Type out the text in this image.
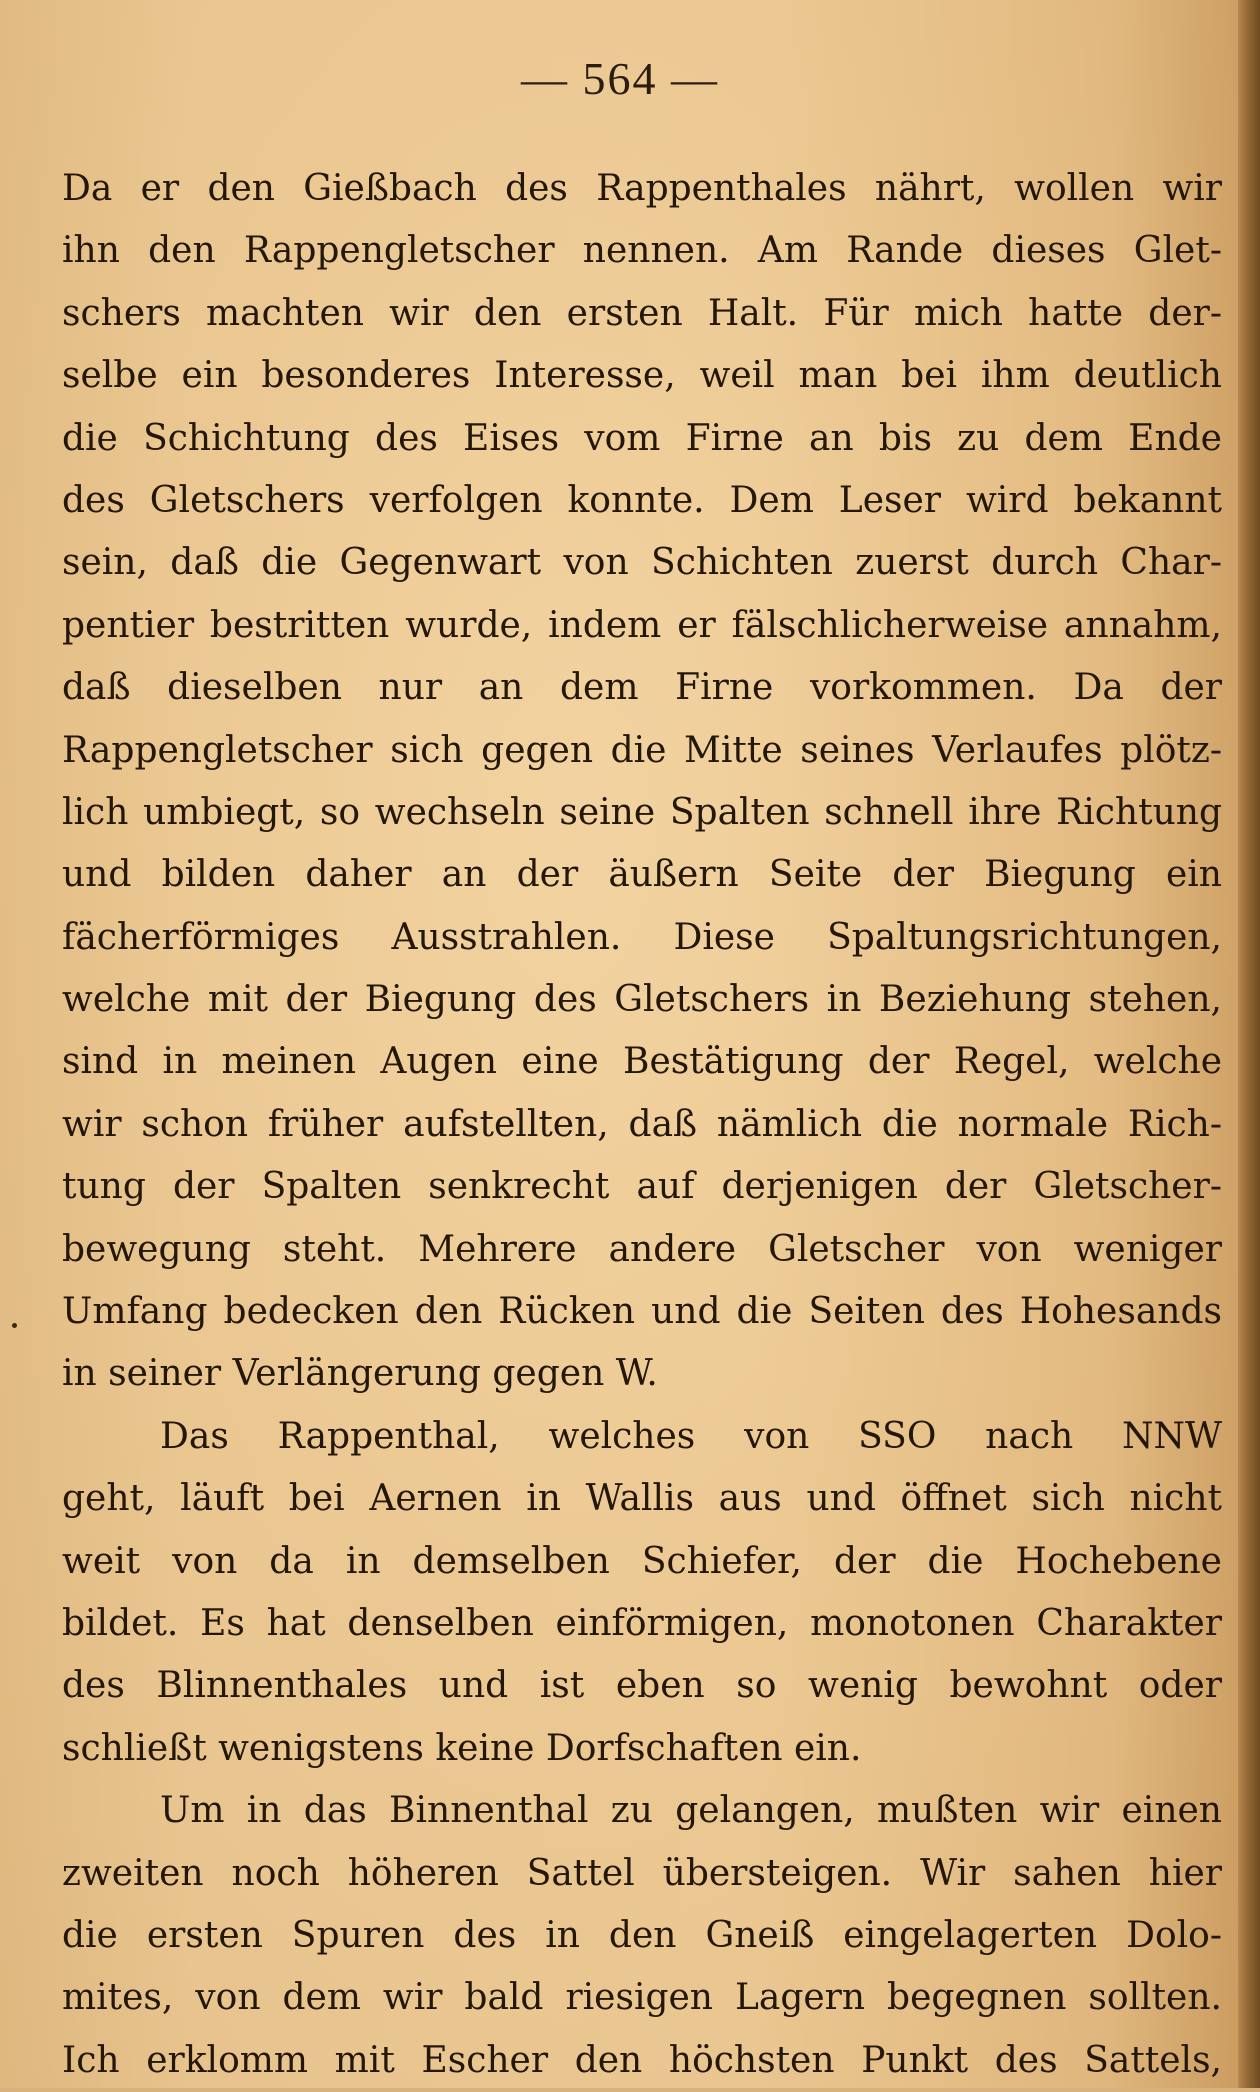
— 564 —
Da er den Gießbach des Rappenthales nährt, wollen wir
ihn den Rappengletscher nennen. Am Rande dieses Glet-
schers machten wir den ersten Halt. Für mich hatte der-
selbe ein besonderes Interesse, weil man bei ihm deutlich
die Schichtung des Eises vom Firne an bis zu dem Ende
des Gletschers verfolgen konnte. Dem Leser wird bekannt
sein, daß die Gegenwart von Schichten zuerst durch Char-
pentier bestritten wurde, indem er fälschlicherweise annahm,
daß dieselben nur an dem Firne vorkommen. Da der
Rappengletscher sich gegen die Mitte seines Verlaufes plötz-
lich umbiegt, so wechseln seine Spalten schnell ihre Richtung
und bilden daher an der äußern Seite der Biegung ein
fächerförmiges Ausstrahlen. Diese Spaltungsrichtungen,
welche mit der Biegung des Gletschers in Beziehung stehen,
sind in meinen Augen eine Bestätigung der Regel, welche
wir schon früher aufstellten, daß nämlich die normale Rich-
tung der Spalten senkrecht auf derjenigen der Gletscher-
bewegung steht. Mehrere andere Gletscher von weniger
Umfang bedecken den Rücken und die Seiten des Hohesands
in seiner Verlängerung gegen W.
Das Rappenthal, welches von SSO nach NNW
geht, läuft bei Aernen in Wallis aus und öffnet sich nicht
weit von da in demselben Schiefer, der die Hochebene
bildet. Es hat denselben einförmigen, monotonen Charakter
des Blinnenthales und ist eben so wenig bewohnt oder
schließt wenigstens keine Dorfschaften ein.
Um in das Binnenthal zu gelangen, mußten wir einen
zweiten noch höheren Sattel übersteigen. Wir sahen hier
die ersten Spuren des in den Gneiß eingelagerten Dolo-
mites, von dem wir bald riesigen Lagern begegnen sollten.
Ich erklomm mit Escher den höchsten Punkt des Sattels,
